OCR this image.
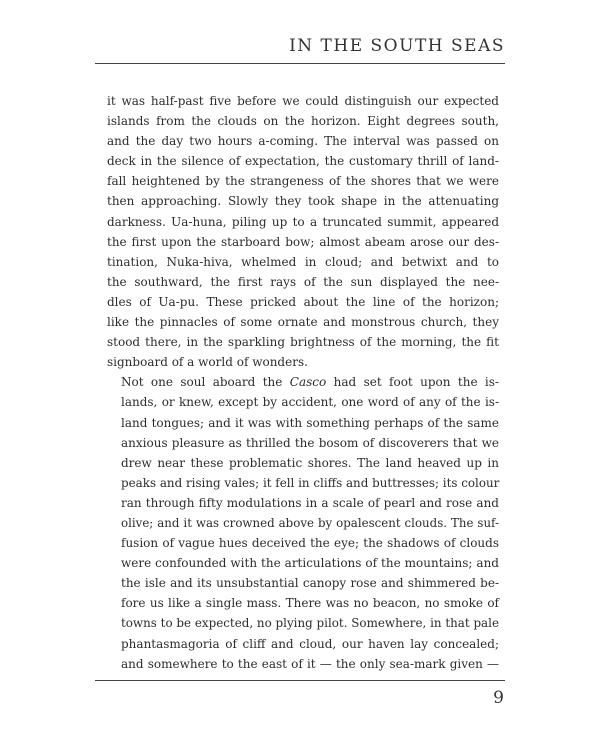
IN THE SOUTH SEAS

it was half-past five before we could distinguish our expected
islands from the clouds on the horizon. Eight degrees south,
and the day two hours a-coming. The interval was passed on
deck in the silence of expectation, the customary thrill of land-
fall heightened by the strangeness of the shores that we were
then approaching. Slowly they took shape in the attenuating
darkness. Ua-huna, piling up to a truncated summit, appeared
the first upon the starboard bow; almost abeam arose our des-
tination, Nuka-hiva, whelmed in cloud; and betwixt and to
the southward, the first rays of the sun displayed the nee-
dles of Ua-pu. These pricked about the line of the horizon;
like the pinnacles of some ornate and monstrous church, they
stood there, in the sparkling brightness of the morning, the fit
signboard of a world of wonders.

Not one soul aboard the Casco had set foot upon the is-
lands, or knew, except by accident, one word of any of the is-
land tongues; and it was with something perhaps of the same
anxious pleasure as thrilled the bosom of discoverers that we
drew near these problematic shores. The land heaved up in
peaks and rising vales; it fell in cliffs and buttresses; its colour
ran through fifty modulations in a scale of pearl and rose and
olive; and it was crowned above by opalescent clouds. The suf-
fusion of vague hues deceived the eye; the shadows of clouds
were confounded with the articulations of the mountains; and
the isle and its unsubstantial canopy rose and shimmered be-
fore us like a single mass. There was no beacon, no smoke of
towns to be expected, no plying pilot. Somewhere, in that pale
phantasmagoria of cliff and cloud, our haven lay concealed;
and somewhere to the east of it — the only sea-mark given —

9
